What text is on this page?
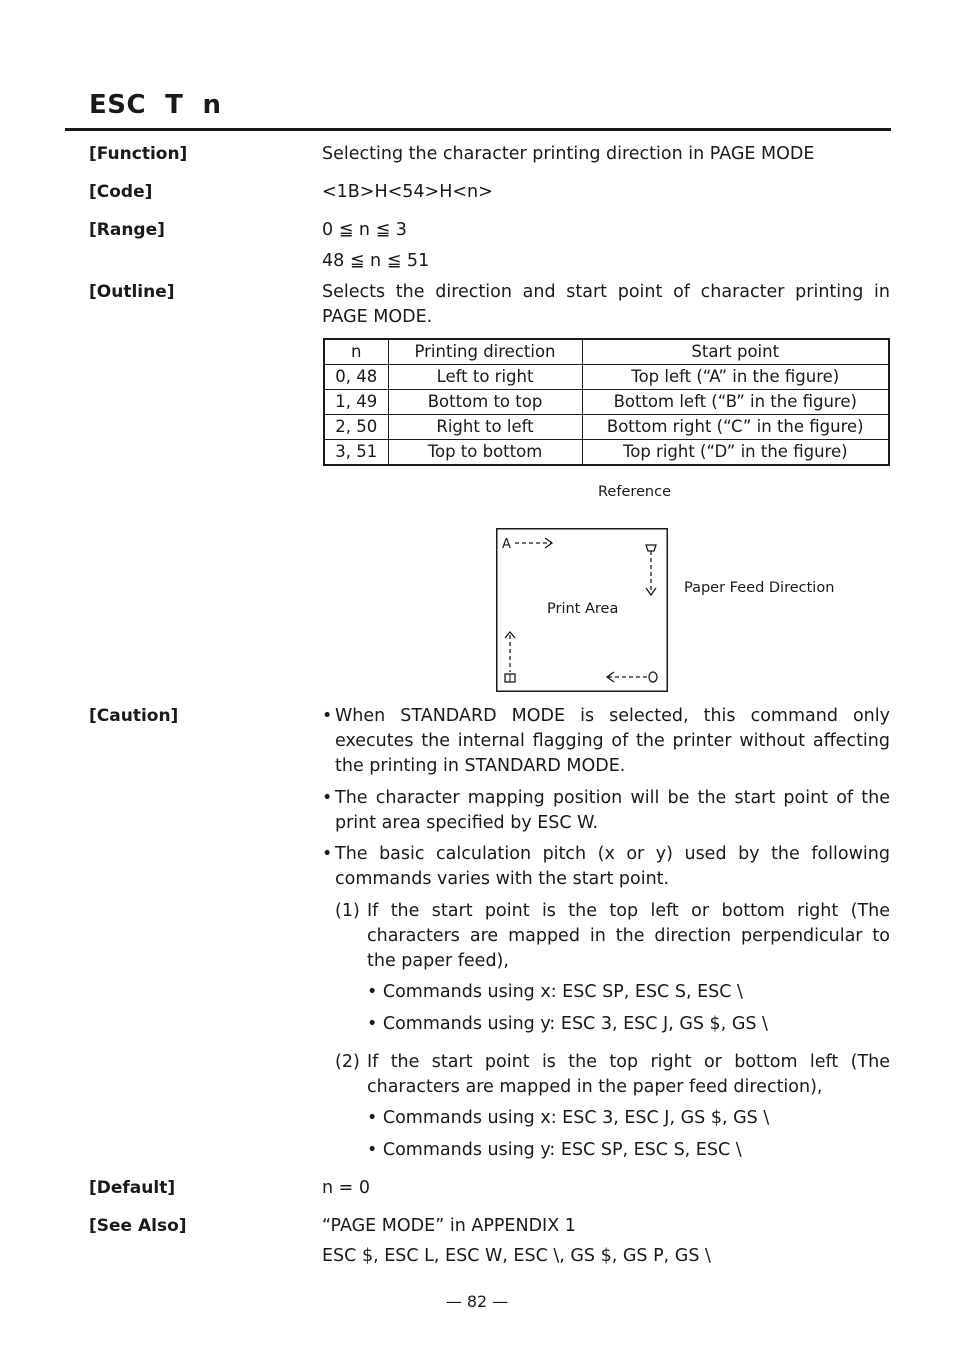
ESC  T  n
[Function]	Selecting the character printing direction in PAGE MODE
[Code]	<1B>H<54>H<n>
[Range]	0 ≦ n ≦ 3
48 ≦ n ≦ 51
[Outline]	Selects the direction and start point of character printing in PAGE MODE.
n	Printing direction	Start point
0, 48	Left to right	Top left (“A” in the figure)
1, 49	Bottom to top	Bottom left (“B” in the figure)
2, 50	Right to left	Bottom right (“C” in the figure)
3, 51	Top to bottom	Top right (“D” in the figure)
Reference
A
Print Area
Paper Feed Direction
[Caution]	• When STANDARD MODE is selected, this command only executes the internal flagging of the printer without affecting the printing in STANDARD MODE.
• The character mapping position will be the start point of the print area specified by ESC W.
• The basic calculation pitch (x or y) used by the following commands varies with the start point.
(1) If the start point is the top left or bottom right (The characters are mapped in the direction perpendicular to the paper feed),
• Commands using x: ESC SP, ESC S, ESC \
• Commands using y: ESC 3, ESC J, GS $, GS \
(2) If the start point is the top right or bottom left (The characters are mapped in the paper feed direction),
• Commands using x: ESC 3, ESC J, GS $, GS \
• Commands using y: ESC SP, ESC S, ESC \
[Default]	n = 0
[See Also]	“PAGE MODE” in APPENDIX 1
ESC $, ESC L, ESC W, ESC \, GS $, GS P, GS \
— 82 —
